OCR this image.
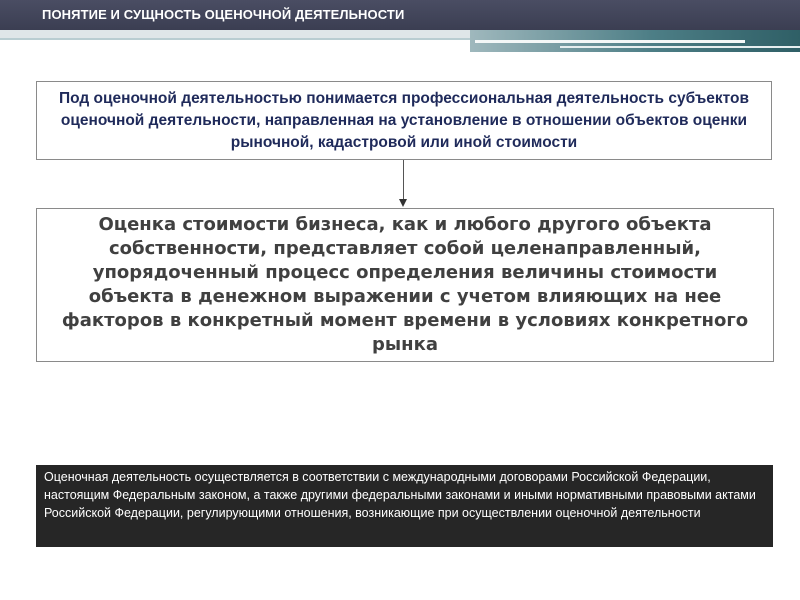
ПОНЯТИЕ И СУЩНОСТЬ ОЦЕНОЧНОЙ ДЕЯТЕЛЬНОСТИ
Под оценочной деятельностью понимается профессиональная деятельность субъектов оценочной деятельности, направленная на установление в отношении объектов оценки рыночной, кадастровой или иной стоимости
Оценка стоимости бизнеса, как и любого другого объекта собственности, представляет собой целенаправленный, упорядоченный процесс определения величины стоимости объекта в денежном выражении с учетом влияющих на нее факторов в конкретный момент времени в условиях конкретного рынка
Оценочная деятельность осуществляется в соответствии с международными договорами Российской Федерации, настоящим Федеральным законом, а также другими федеральными законами и иными нормативными правовыми актами Российской Федерации, регулирующими отношения, возникающие при осуществлении оценочной деятельности
